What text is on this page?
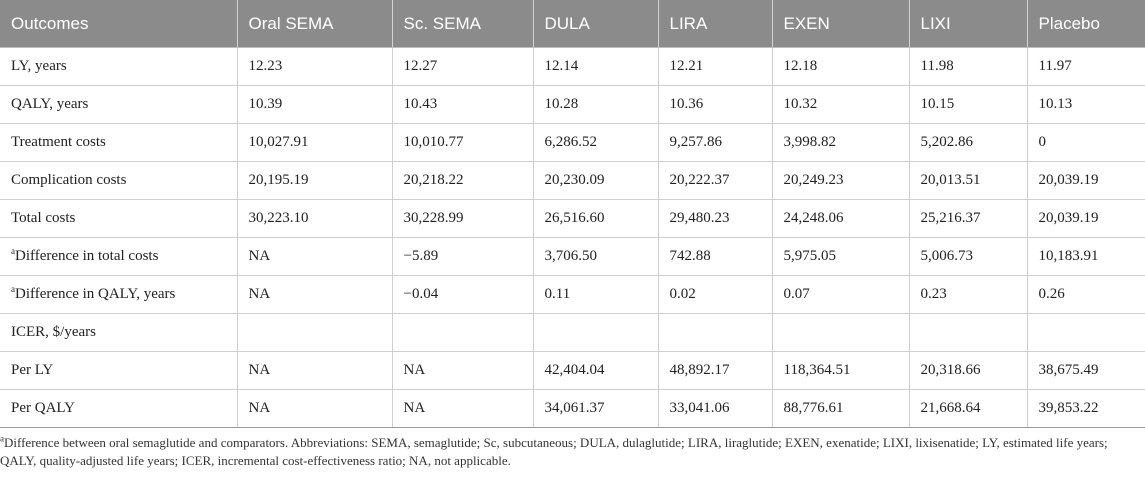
Outcomes	Oral SEMA	Sc. SEMA	DULA	LIRA	EXEN	LIXI	Placebo
LY, years	12.23	12.27	12.14	12.21	12.18	11.98	11.97
QALY, years	10.39	10.43	10.28	10.36	10.32	10.15	10.13
Treatment costs	10,027.91	10,010.77	6,286.52	9,257.86	3,998.82	5,202.86	0
Complication costs	20,195.19	20,218.22	20,230.09	20,222.37	20,249.23	20,013.51	20,039.19
Total costs	30,223.10	30,228.99	26,516.60	29,480.23	24,248.06	25,216.37	20,039.19
$^a$Difference in total costs	NA	−5.89	3,706.50	742.88	5,975.05	5,006.73	10,183.91
$^a$Difference in QALY, years	NA	−0.04	0.11	0.02	0.07	0.23	0.26
ICER, $/years							
Per LY	NA	NA	42,404.04	48,892.17	118,364.51	20,318.66	38,675.49
Per QALY	NA	NA	34,061.37	33,041.06	88,776.61	21,668.64	39,853.22

$^a$Difference between oral semaglutide and comparators. Abbreviations: SEMA, semaglutide; Sc, subcutaneous; DULA, dulaglutide; LIRA, liraglutide; EXEN, exenatide; LIXI, lixisenatide; LY, estimated life years; QALY, quality-adjusted life years; ICER, incremental cost-effectiveness ratio; NA, not applicable.
